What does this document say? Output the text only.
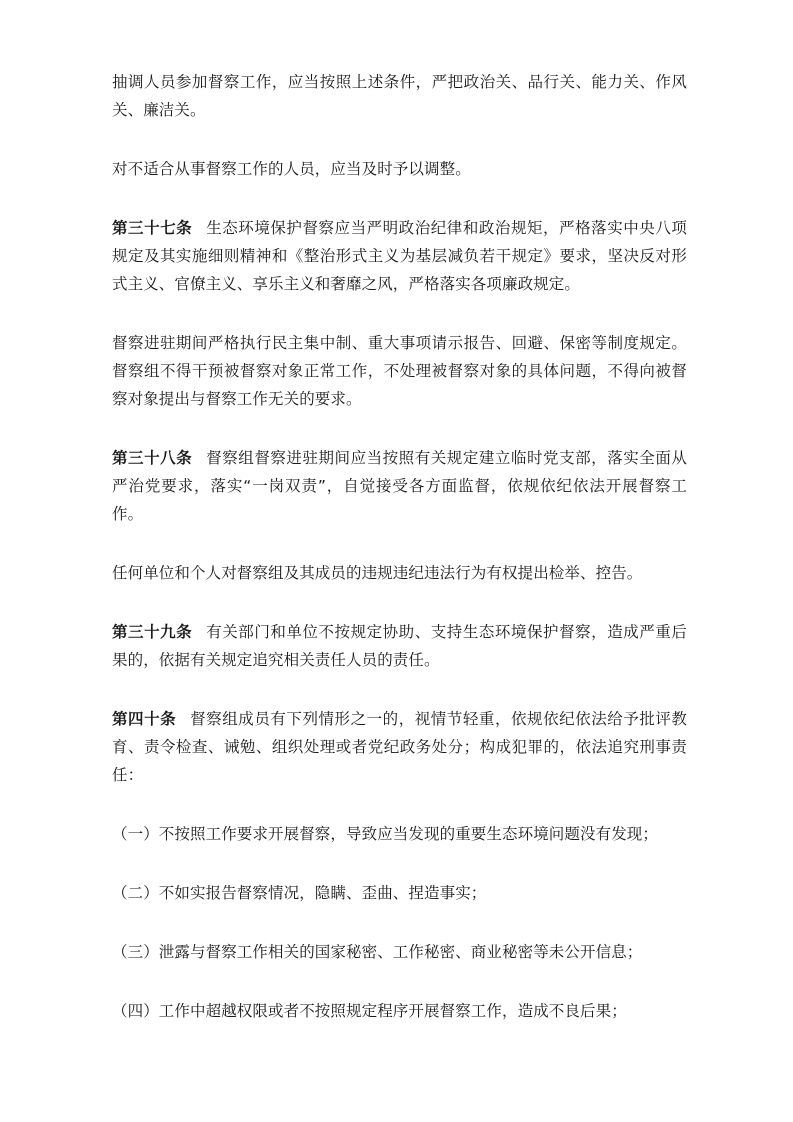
抽调人员参加督察工作，应当按照上述条件，严把政治关、品行关、能力关、作风关、廉洁关。

对不适合从事督察工作的人员，应当及时予以调整。

第三十七条 生态环境保护督察应当严明政治纪律和政治规矩，严格落实中央八项规定及其实施细则精神和《整治形式主义为基层减负若干规定》要求，坚决反对形式主义、官僚主义、享乐主义和奢靡之风，严格落实各项廉政规定。

督察进驻期间严格执行民主集中制、重大事项请示报告、回避、保密等制度规定。督察组不得干预被督察对象正常工作，不处理被督察对象的具体问题，不得向被督察对象提出与督察工作无关的要求。

第三十八条 督察组督察进驻期间应当按照有关规定建立临时党支部，落实全面从严治党要求，落实“一岗双责”，自觉接受各方面监督，依规依纪依法开展督察工作。

任何单位和个人对督察组及其成员的违规违纪违法行为有权提出检举、控告。

第三十九条 有关部门和单位不按规定协助、支持生态环境保护督察，造成严重后果的，依据有关规定追究相关责任人员的责任。

第四十条 督察组成员有下列情形之一的，视情节轻重，依规依纪依法给予批评教育、责令检查、诫勉、组织处理或者党纪政务处分；构成犯罪的，依法追究刑事责任：

（一）不按照工作要求开展督察，导致应当发现的重要生态环境问题没有发现；

（二）不如实报告督察情况，隐瞒、歪曲、捏造事实；

（三）泄露与督察工作相关的国家秘密、工作秘密、商业秘密等未公开信息；

（四）工作中超越权限或者不按照规定程序开展督察工作，造成不良后果；
